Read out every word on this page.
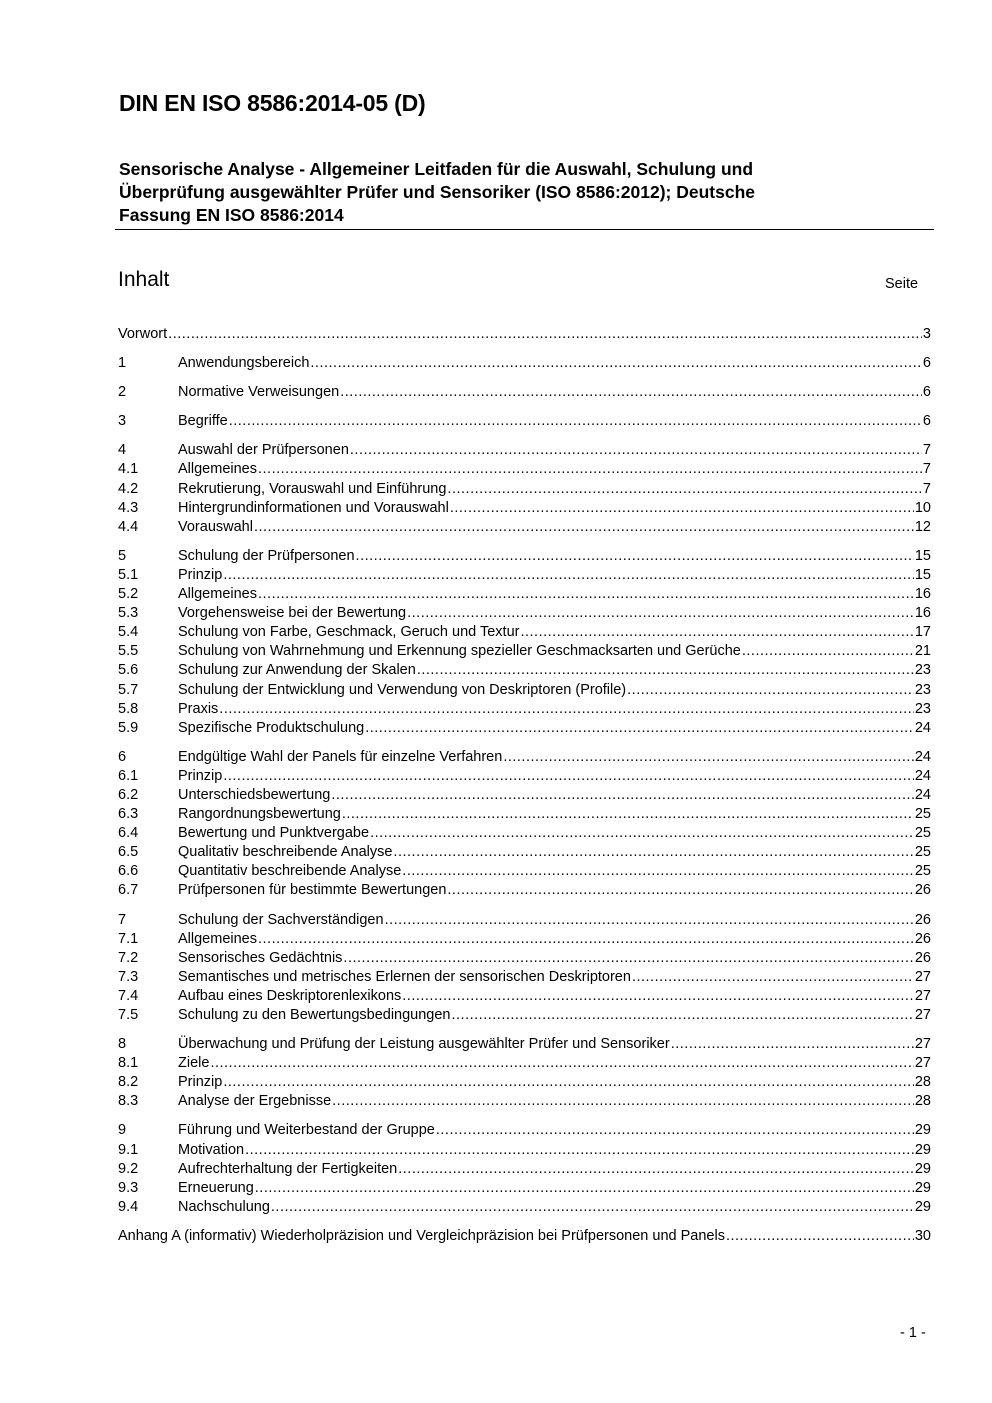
DIN EN ISO 8586:2014-05 (D)
Sensorische Analyse - Allgemeiner Leitfaden für die Auswahl, Schulung und
Überprüfung ausgewählter Prüfer und Sensoriker (ISO 8586:2012); Deutsche
Fassung EN ISO 8586:2014
Inhalt	Seite
Vorwort .....	3
1	Anwendungsbereich .....	6
2	Normative Verweisungen .....	6
3	Begriffe .....	6
4	Auswahl der Prüfpersonen .....	7
4.1	Allgemeines .....	7
4.2	Rekrutierung, Vorauswahl und Einführung .....	7
4.3	Hintergrundinformationen und Vorauswahl .....	10
4.4	Vorauswahl .....	12
5	Schulung der Prüfpersonen .....	15
5.1	Prinzip .....	15
5.2	Allgemeines .....	16
5.3	Vorgehensweise bei der Bewertung .....	16
5.4	Schulung von Farbe, Geschmack, Geruch und Textur .....	17
5.5	Schulung von Wahrnehmung und Erkennung spezieller Geschmacksarten und Gerüche .....	21
5.6	Schulung zur Anwendung der Skalen .....	23
5.7	Schulung der Entwicklung und Verwendung von Deskriptoren (Profile) .....	23
5.8	Praxis .....	23
5.9	Spezifische Produktschulung .....	24
6	Endgültige Wahl der Panels für einzelne Verfahren .....	24
6.1	Prinzip .....	24
6.2	Unterschiedsbewertung .....	24
6.3	Rangordnungsbewertung .....	25
6.4	Bewertung und Punktvergabe .....	25
6.5	Qualitativ beschreibende Analyse .....	25
6.6	Quantitativ beschreibende Analyse .....	25
6.7	Prüfpersonen für bestimmte Bewertungen .....	26
7	Schulung der Sachverständigen .....	26
7.1	Allgemeines .....	26
7.2	Sensorisches Gedächtnis .....	26
7.3	Semantisches und metrisches Erlernen der sensorischen Deskriptoren .....	27
7.4	Aufbau eines Deskriptorenlexikons .....	27
7.5	Schulung zu den Bewertungsbedingungen .....	27
8	Überwachung und Prüfung der Leistung ausgewählter Prüfer und Sensoriker .....	27
8.1	Ziele .....	27
8.2	Prinzip .....	28
8.3	Analyse der Ergebnisse .....	28
9	Führung und Weiterbestand der Gruppe .....	29
9.1	Motivation .....	29
9.2	Aufrechterhaltung der Fertigkeiten .....	29
9.3	Erneuerung .....	29
9.4	Nachschulung .....	29
Anhang A (informativ) Wiederholpräzision und Vergleichpräzision bei Prüfpersonen und Panels .....	30
- 1 -
